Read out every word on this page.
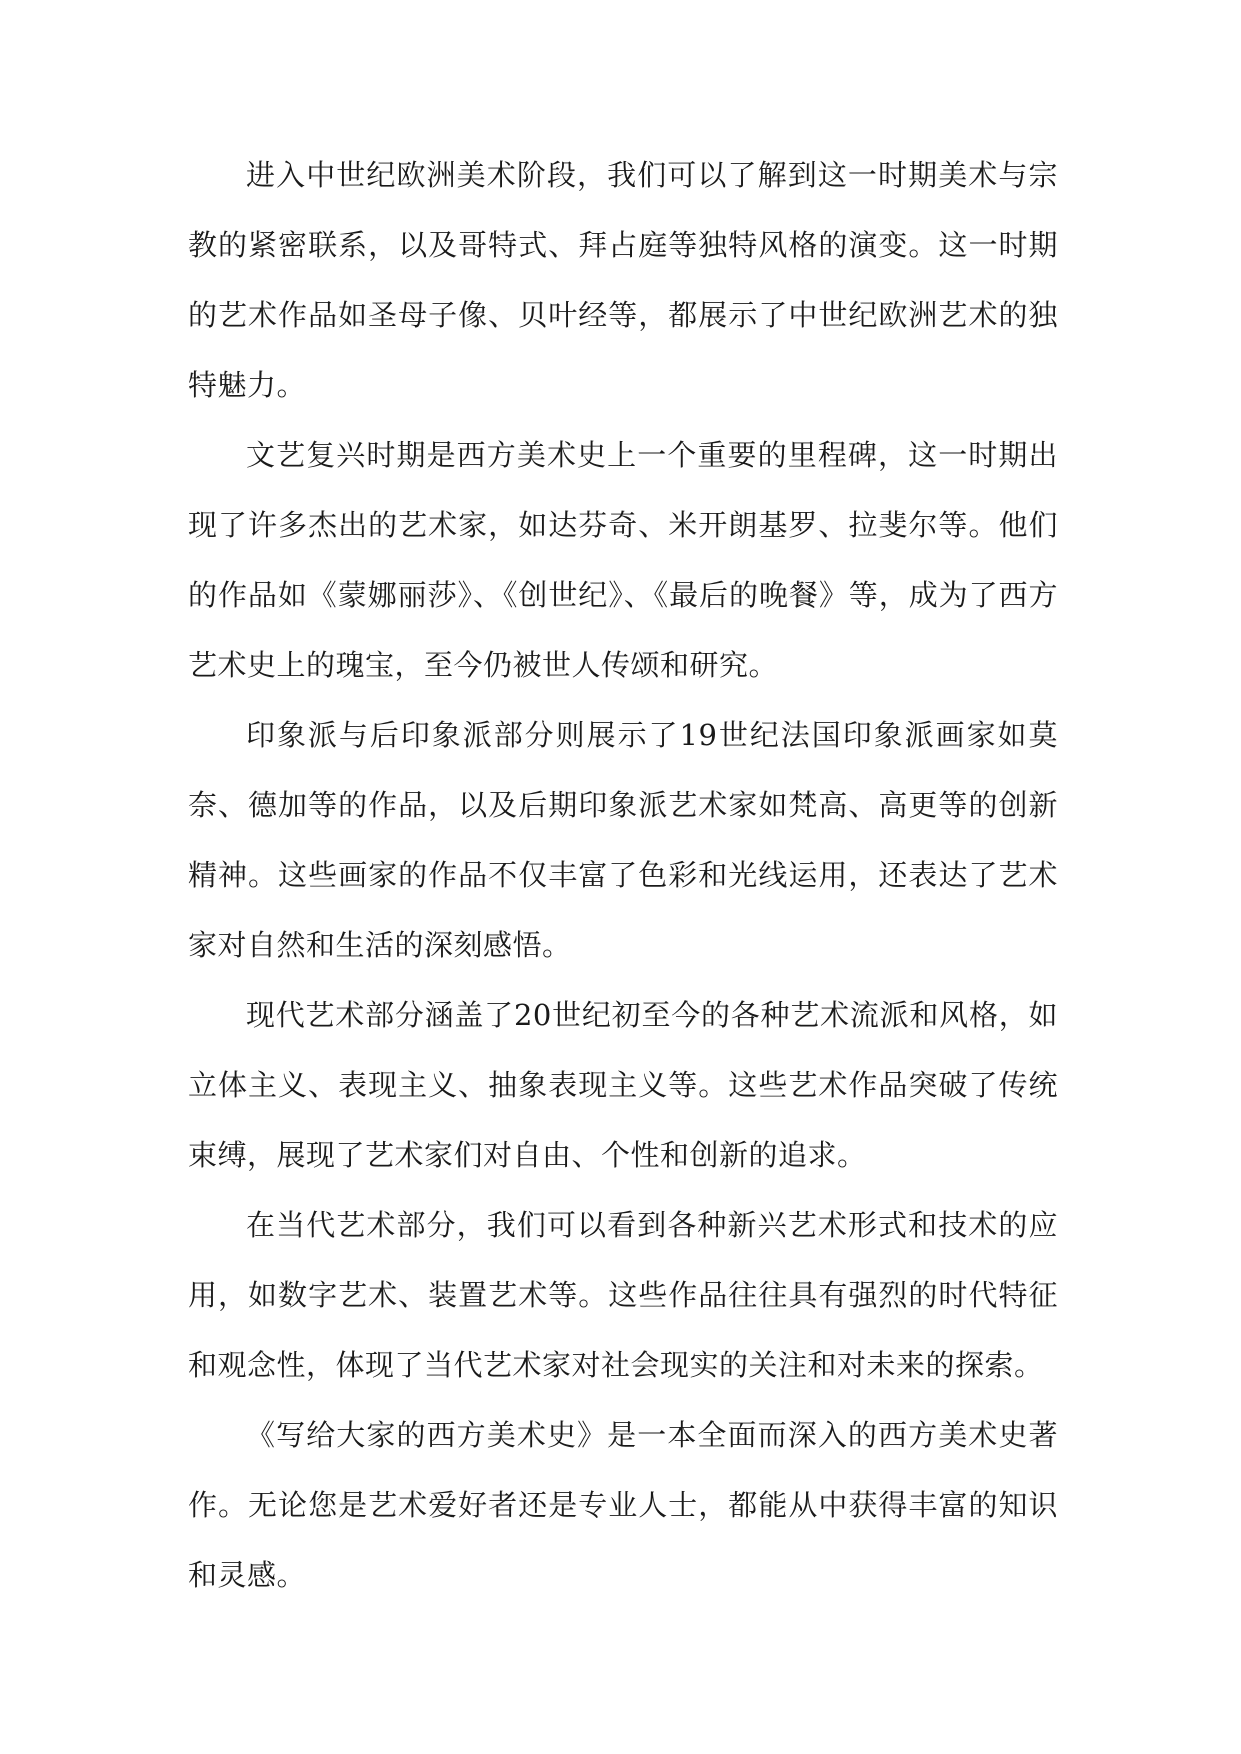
进入中世纪欧洲美术阶段，我们可以了解到这一时期美术与宗教的紧密联系，以及哥特式、拜占庭等独特风格的演变。这一时期的艺术作品如圣母子像、贝叶经等，都展示了中世纪欧洲艺术的独特魅力。

文艺复兴时期是西方美术史上一个重要的里程碑，这一时期出现了许多杰出的艺术家，如达芬奇、米开朗基罗、拉斐尔等。他们的作品如《蒙娜丽莎》、《创世纪》、《最后的晚餐》等，成为了西方艺术史上的瑰宝，至今仍被世人传颂和研究。

印象派与后印象派部分则展示了19世纪法国印象派画家如莫奈、德加等的作品，以及后期印象派艺术家如梵高、高更等的创新精神。这些画家的作品不仅丰富了色彩和光线运用，还表达了艺术家对自然和生活的深刻感悟。

现代艺术部分涵盖了20世纪初至今的各种艺术流派和风格，如立体主义、表现主义、抽象表现主义等。这些艺术作品突破了传统束缚，展现了艺术家们对自由、个性和创新的追求。

在当代艺术部分，我们可以看到各种新兴艺术形式和技术的应用，如数字艺术、装置艺术等。这些作品往往具有强烈的时代特征和观念性，体现了当代艺术家对社会现实的关注和对未来的探索。

《写给大家的西方美术史》是一本全面而深入的西方美术史著作。无论您是艺术爱好者还是专业人士，都能从中获得丰富的知识和灵感。
